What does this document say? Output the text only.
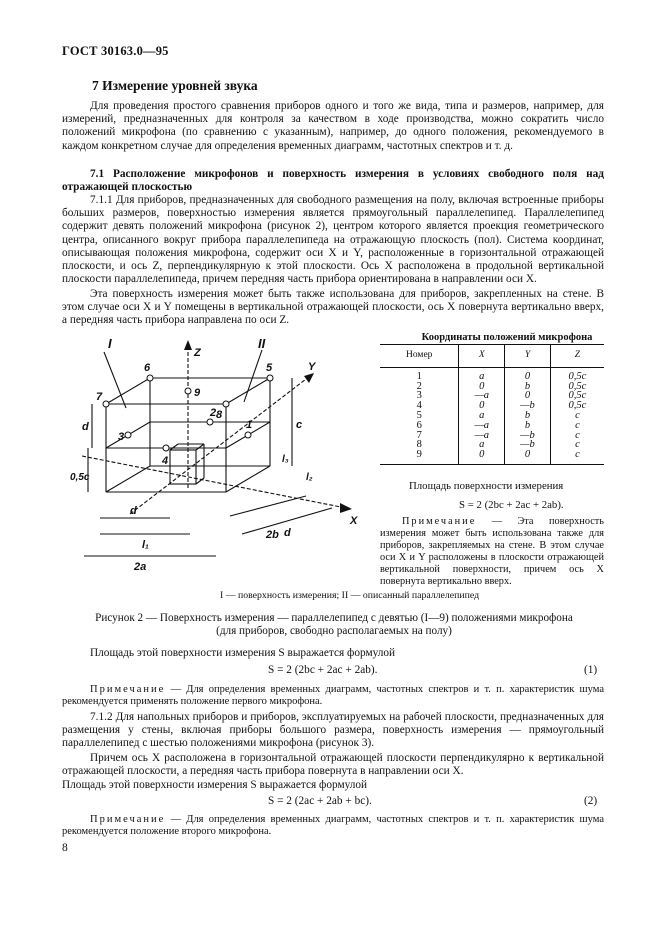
ГОСТ 30163.0—95
7 Измерение уровней звука
Для проведения простого сравнения приборов одного и того же вида, типа и размеров, например, для измерений, предназначенных для контроля за качеством в ходе производства, можно сократить число положений микрофона (по сравнению с указанным), например, до одного положения, рекомендуемого в каждом конкретном случае для определения временных диаграмм, частотных спектров и т. д.
7.1 Расположение микрофонов и поверхность измерения в условиях свободного поля над отражающей плоскостью
7.1.1 Для приборов, предназначенных для свободного размещения на полу, включая встроенные приборы больших размеров, поверхностью измерения является прямоугольный параллелепипед. Параллелепипед содержит девять положений микрофона (рисунок 2), центром которого является проекция геометрического центра, описанного вокруг прибора параллелепипеда на отражающую плоскость (пол). Система координат, описывающая положения микрофона, содержит оси X и Y, расположенные в горизонтальной отражающей плоскости, и ось Z, перпендикулярную к этой плоскости. Ось X расположена в продольной вертикальной плоскости параллелепипеда, причем передняя часть прибора ориентирована в направлении оси X.
Эта поверхность измерения может быть также использована для приборов, закрепленных на стене. В этом случае оси X и Y помещены в вертикальной отражающей плоскости, ось X повернута вертикально вверх, а передняя часть прибора направлена по оси Z.
I	II
Z
Y
X
6	5
7
8
9
2
3
1
4
d	c
0,5c
d
l₁
l₂
l₃
2a
d
2b
Координаты положений микрофона
Номер	X	Y	Z
1	a	0	0,5c
2	0	b	0,5c
3	—a	0	0,5c
4	0	—b	0,5c
5	a	b	c
6	—a	b	c
7	—a	—b	c
8	a	—b	c
9	0	0	c
Площадь поверхности измерения
S = 2 (2bc + 2ac + 2ab).
Примечание — Эта поверхность измерения может быть использована также для приборов, закрепляемых на стене. В этом случае оси X и Y расположены в плоскости отражающей вертикальной поверхности, причем ось X повернута вертикально вверх.
I — поверхность измерения; II — описанный параллелепипед
Рисунок 2 — Поверхность измерения — параллелепипед с девятью (I—9) положениями микрофона
(для приборов, свободно располагаемых на полу)
Площадь этой поверхности измерения S выражается формулой
S = 2 (2bc + 2ac + 2ab).	(1)
Примечание — Для определения временных диаграмм, частотных спектров и т. п. характеристик шума рекомендуется применять положение первого микрофона.
7.1.2 Для напольных приборов и приборов, эксплуатируемых на рабочей плоскости, предназначенных для размещения у стены, включая приборы большого размера, поверхность измерения — прямоугольный параллелепипед с шестью положениями микрофона (рисунок 3).
Причем ось X расположена в горизонтальной отражающей плоскости перпендикулярно к вертикальной отражающей плоскости, а передняя часть прибора повернута в направлении оси X.
Площадь этой поверхности измерения S выражается формулой
S = 2 (2ac + 2ab + bc).	(2)
Примечание — Для определения временных диаграмм, частотных спектров и т. п. характеристик шума рекомендуется положение второго микрофона.
8
